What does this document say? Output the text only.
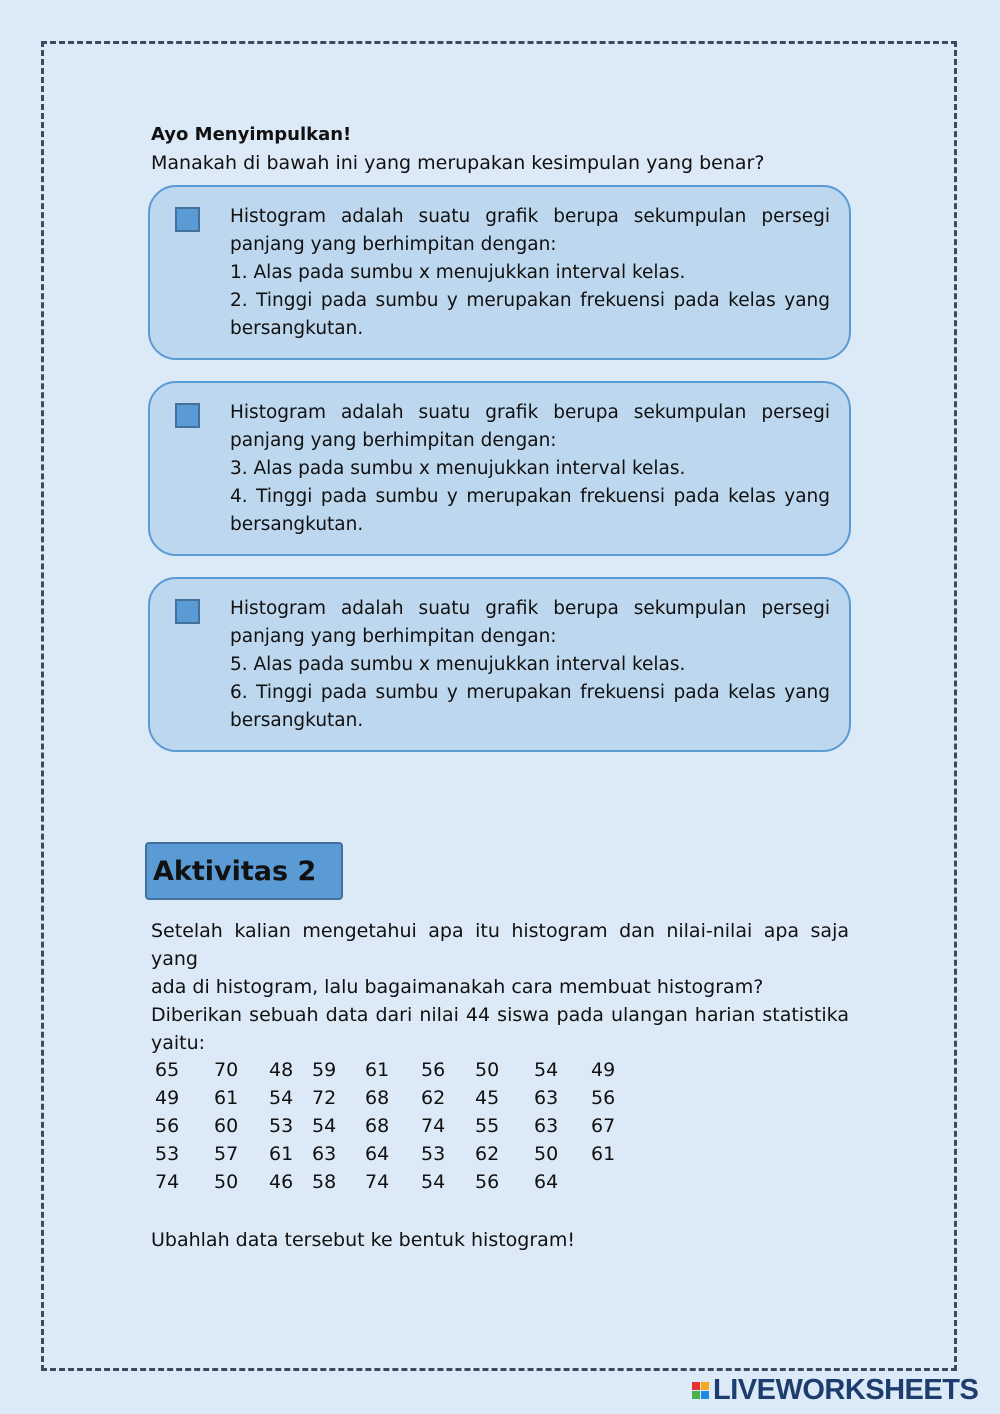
Ayo Menyimpulkan!
Manakah di bawah ini yang merupakan kesimpulan yang benar?
Histogram adalah suatu grafik berupa sekumpulan persegi
panjang yang berhimpitan dengan:
1. Alas pada sumbu x menujukkan interval kelas.
2. Tinggi pada sumbu y merupakan frekuensi pada kelas yang
bersangkutan.
Histogram adalah suatu grafik berupa sekumpulan persegi
panjang yang berhimpitan dengan:
3. Alas pada sumbu x menujukkan interval kelas.
4. Tinggi pada sumbu y merupakan frekuensi pada kelas yang
bersangkutan.
Histogram adalah suatu grafik berupa sekumpulan persegi
panjang yang berhimpitan dengan:
5. Alas pada sumbu x menujukkan interval kelas.
6. Tinggi pada sumbu y merupakan frekuensi pada kelas yang
bersangkutan.
Aktivitas 2
Setelah kalian mengetahui apa itu histogram dan nilai-nilai apa saja yang
ada di histogram, lalu bagaimanakah cara membuat histogram?
Diberikan sebuah data dari nilai 44 siswa pada ulangan harian statistika
yaitu:
65	70	48	59	61	56	50	54	49
49	61	54	72	68	62	45	63	56
56	60	53	54	68	74	55	63	67
53	57	61	63	64	53	62	50	61
74	50	46	58	74	54	56	64	
Ubahlah data tersebut ke bentuk histogram!
LIVEWORKSHEETS
